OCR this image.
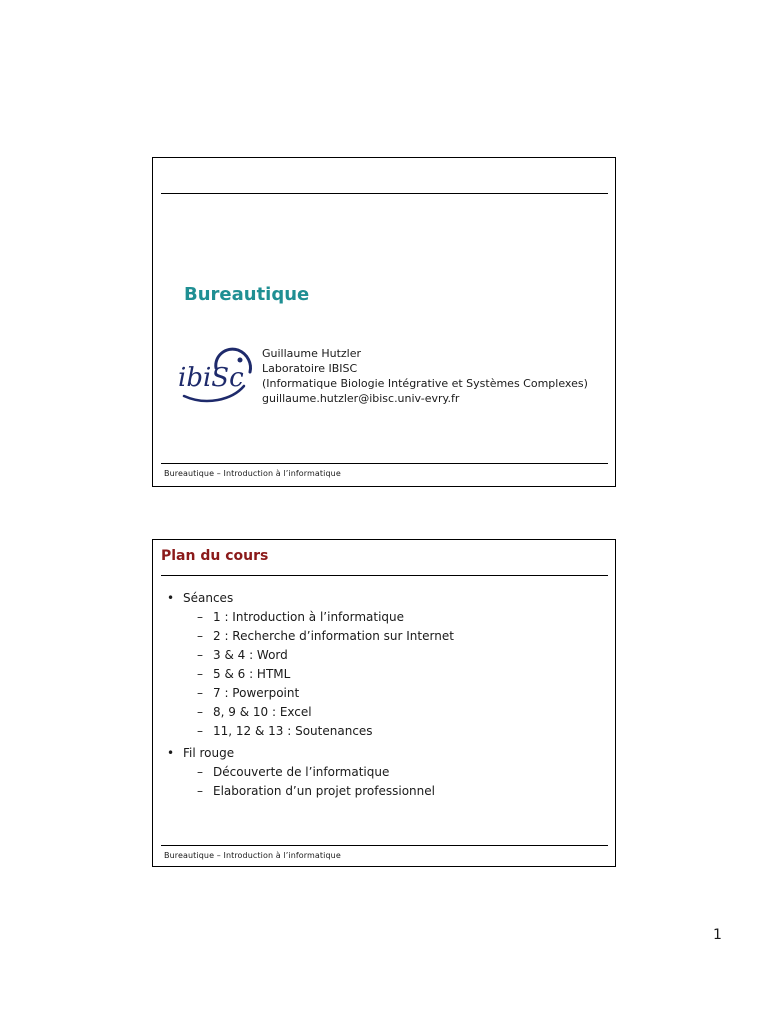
Bureautique
ibiSc
Guillaume Hutzler
Laboratoire IBISC
(Informatique Biologie Intégrative et Systèmes Complexes)
guillaume.hutzler@ibisc.univ-evry.fr
Bureautique – Introduction à l’informatique
Plan du cours
• Séances
– 1 : Introduction à l’informatique
– 2 : Recherche d’information sur Internet
– 3 & 4 : Word
– 5 & 6 : HTML
– 7 : Powerpoint
– 8, 9 & 10 : Excel
– 11, 12 & 13 : Soutenances
• Fil rouge
– Découverte de l’informatique
– Elaboration d’un projet professionnel
Bureautique – Introduction à l’informatique
1
